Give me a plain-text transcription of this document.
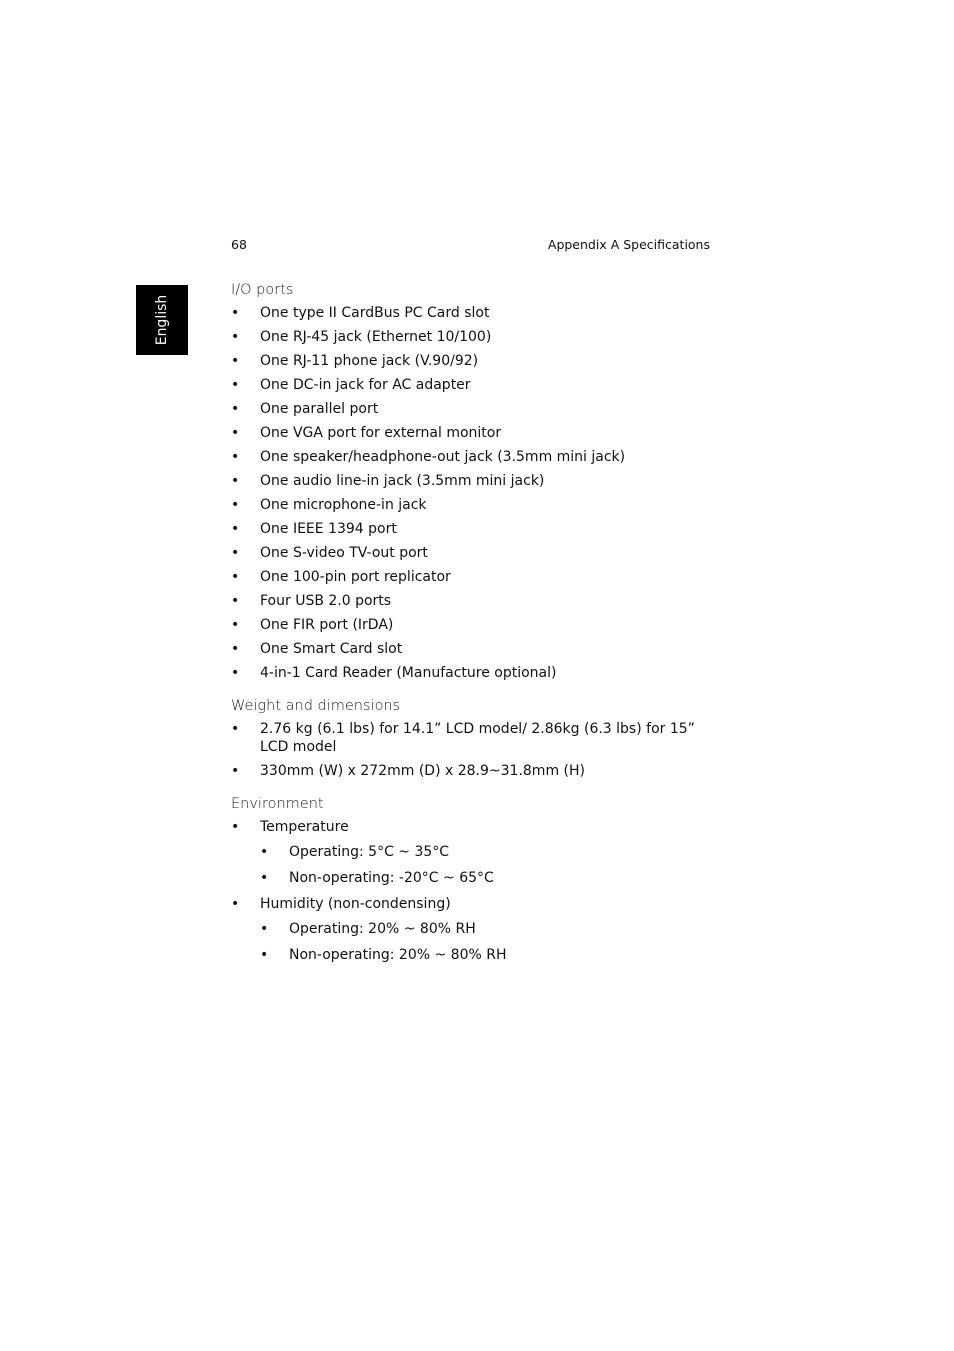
68	Appendix A Specifications
English
I/O ports
• One type II CardBus PC Card slot
• One RJ-45 jack (Ethernet 10/100)
• One RJ-11 phone jack (V.90/92)
• One DC-in jack for AC adapter
• One parallel port
• One VGA port for external monitor
• One speaker/headphone-out jack (3.5mm mini jack)
• One audio line-in jack (3.5mm mini jack)
• One microphone-in jack
• One IEEE 1394 port
• One S-video TV-out port
• One 100-pin port replicator
• Four USB 2.0 ports
• One FIR port (IrDA)
• One Smart Card slot
• 4-in-1 Card Reader (Manufacture optional)
Weight and dimensions
• 2.76 kg (6.1 lbs) for 14.1” LCD model/ 2.86kg (6.3 lbs) for 15” LCD model
• 330mm (W) x 272mm (D) x 28.9~31.8mm (H)
Environment
• Temperature
• Operating: 5°C ~ 35°C
• Non-operating: -20°C ~ 65°C
• Humidity (non-condensing)
• Operating: 20% ~ 80% RH
• Non-operating: 20% ~ 80% RH
